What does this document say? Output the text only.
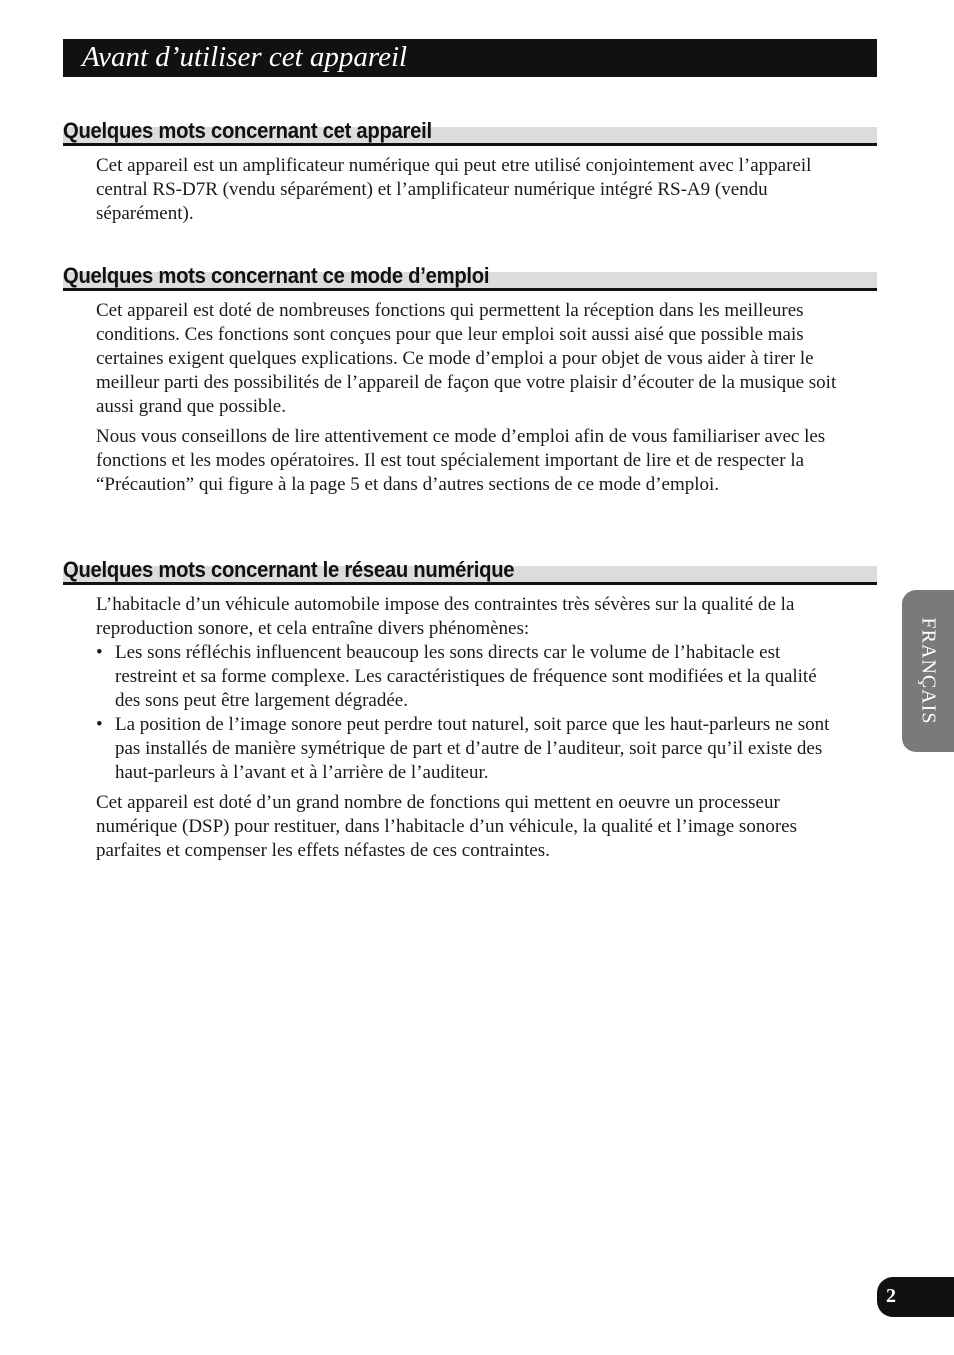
Avant d’utiliser cet appareil
Quelques mots concernant cet appareil

Cet appareil est un amplificateur numérique qui peut etre utilisé conjointement avec l’appareil central RS-D7R (vendu séparément) et l’amplificateur numérique intégré RS-A9 (vendu séparément).

Quelques mots concernant ce mode d’emploi

Cet appareil est doté de nombreuses fonctions qui permettent la réception dans les meilleures conditions. Ces fonctions sont conçues pour que leur emploi soit aussi aisé que possible mais certaines exigent quelques explications. Ce mode d’emploi a pour objet de vous aider à tirer le meilleur parti des possibilités de l’appareil de façon que votre plaisir d’écouter de la musique soit aussi grand que possible.

Nous vous conseillons de lire attentivement ce mode d’emploi afin de vous familiariser avec les fonctions et les modes opératoires. Il est tout spécialement important de lire et de respecter la “Précaution” qui figure à la page 5 et dans d’autres sections de ce mode d’emploi.

Quelques mots concernant le réseau numérique

L’habitacle d’un véhicule automobile impose des contraintes très sévères sur la qualité de la reproduction sonore, et cela entraîne divers phénomènes:

• Les sons réfléchis influencent beaucoup les sons directs car le volume de l’habitacle est restreint et sa forme complexe. Les caractéristiques de fréquence sont modifiées et la qualité des sons peut être largement dégradée.
• La position de l’image sonore peut perdre tout naturel, soit parce que les haut-parleurs ne sont pas installés de manière symétrique de part et d’autre de l’auditeur, soit parce qu’il existe des haut-parleurs à l’avant et à l’arrière de l’auditeur.

Cet appareil est doté d’un grand nombre de fonctions qui mettent en oeuvre un processeur numérique (DSP) pour restituer, dans l’habitacle d’un véhicule, la qualité et l’image sonores parfaites et compenser les effets néfastes de ces contraintes.

FRANÇAIS
2
